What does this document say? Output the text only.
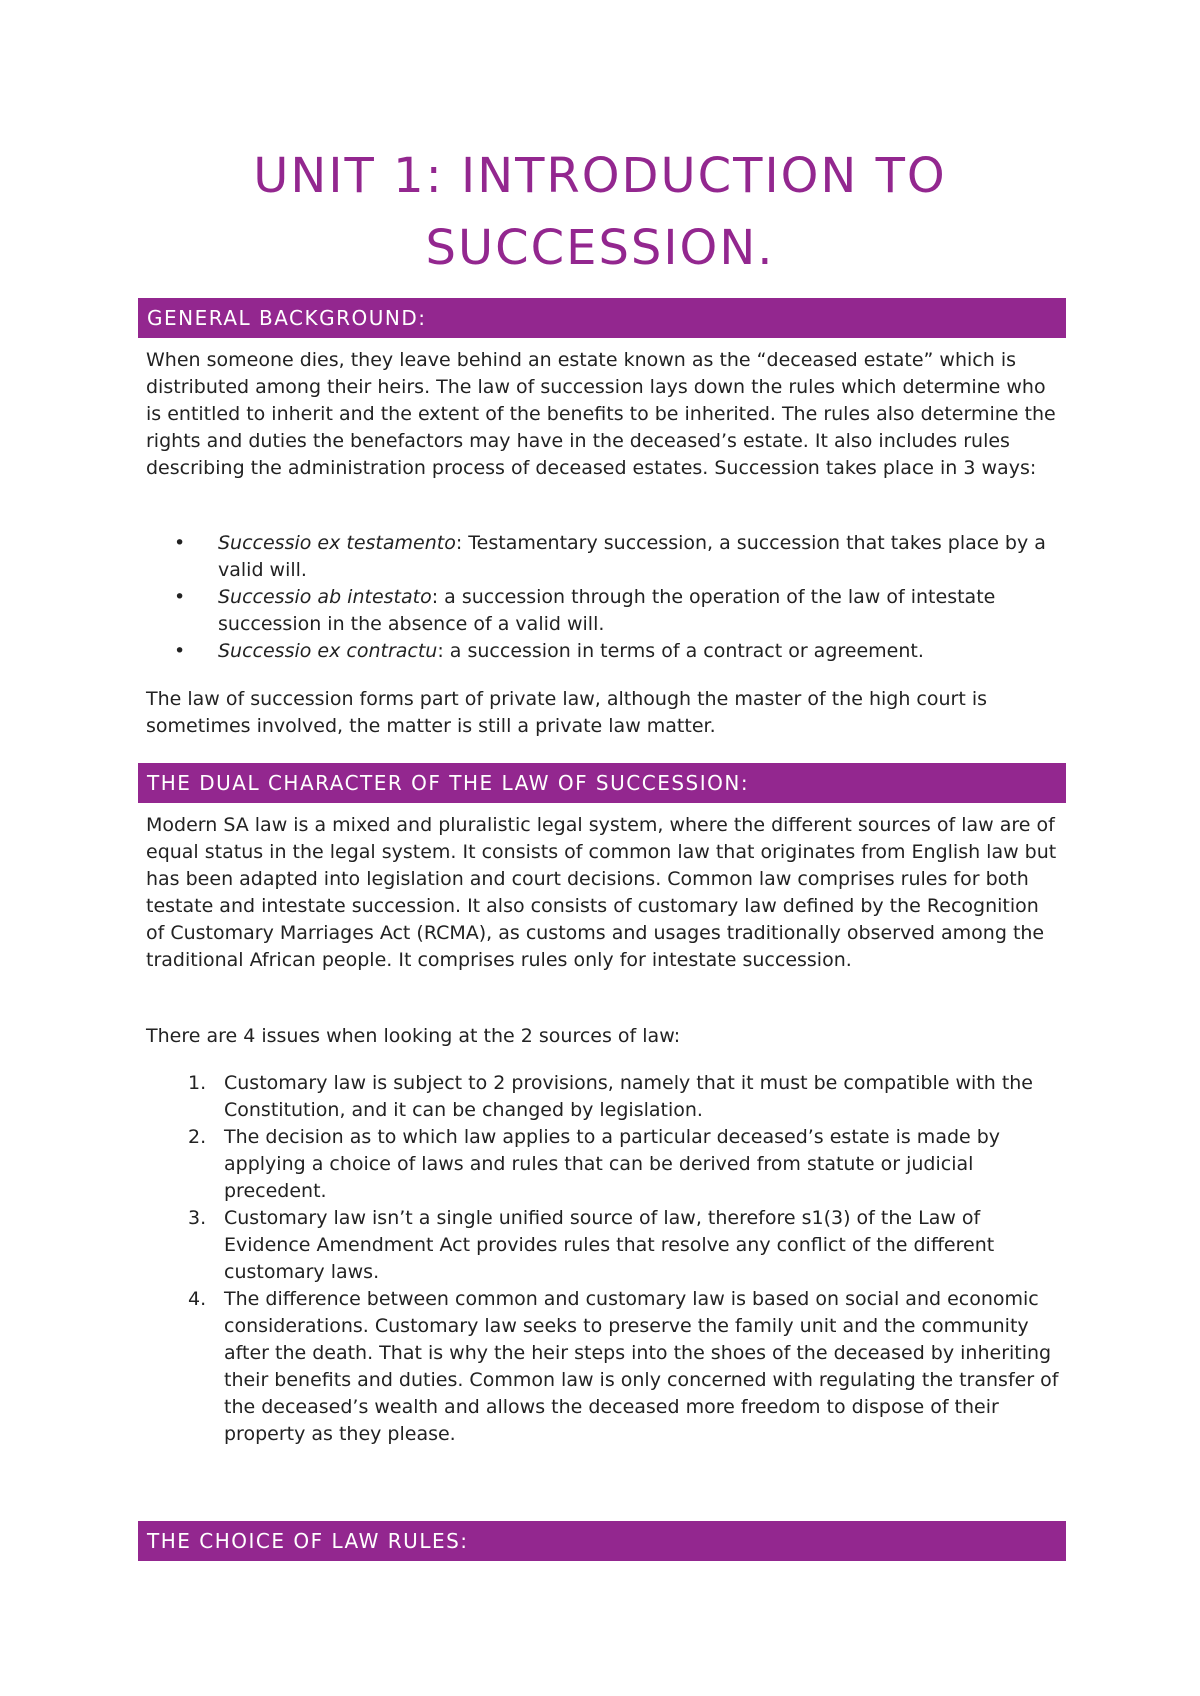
UNIT 1: INTRODUCTION TO
SUCCESSION.
GENERAL BACKGROUND:

When someone dies, they leave behind an estate known as the “deceased estate” which is distributed among their heirs. The law of succession lays down the rules which determine who is entitled to inherit and the extent of the benefits to be inherited. The rules also determine the rights and duties the benefactors may have in the deceased’s estate. It also includes rules describing the administration process of deceased estates. Succession takes place in 3 ways:

• Successio ex testamento: Testamentary succession, a succession that takes place by a valid will.
• Successio ab intestato: a succession through the operation of the law of intestate succession in the absence of a valid will.
• Successio ex contractu: a succession in terms of a contract or agreement.

The law of succession forms part of private law, although the master of the high court is sometimes involved, the matter is still a private law matter.

THE DUAL CHARACTER OF THE LAW OF SUCCESSION:

Modern SA law is a mixed and pluralistic legal system, where the different sources of law are of equal status in the legal system. It consists of common law that originates from English law but has been adapted into legislation and court decisions. Common law comprises rules for both testate and intestate succession. It also consists of customary law defined by the Recognition of Customary Marriages Act (RCMA), as customs and usages traditionally observed among the traditional African people. It comprises rules only for intestate succession.

There are 4 issues when looking at the 2 sources of law:

1. Customary law is subject to 2 provisions, namely that it must be compatible with the Constitution, and it can be changed by legislation.
2. The decision as to which law applies to a particular deceased’s estate is made by applying a choice of laws and rules that can be derived from statute or judicial precedent.
3. Customary law isn’t a single unified source of law, therefore s1(3) of the Law of Evidence Amendment Act provides rules that resolve any conflict of the different customary laws.
4. The difference between common and customary law is based on social and economic considerations. Customary law seeks to preserve the family unit and the community after the death. That is why the heir steps into the shoes of the deceased by inheriting their benefits and duties. Common law is only concerned with regulating the transfer of the deceased’s wealth and allows the deceased more freedom to dispose of their property as they please.
THE CHOICE OF LAW RULES:
